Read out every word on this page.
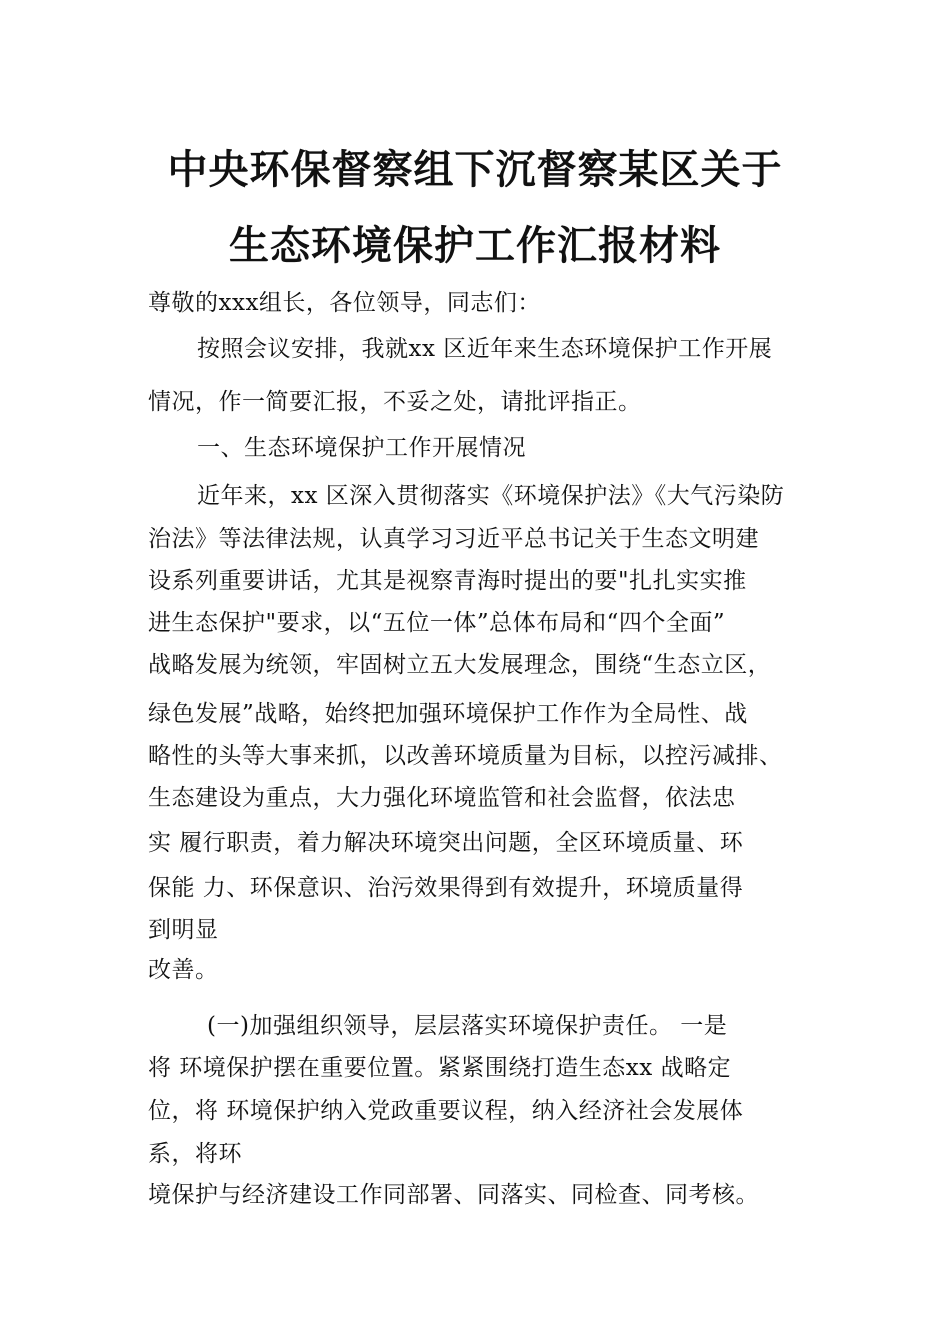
中央环保督察组下沉督察某区关于
生态环境保护工作汇报材料
尊敬的xxx组长，各位领导，同志们：
按照会议安排，我就xx 区近年来生态环境保护工作开展
情况，作一简要汇报，不妥之处，请批评指正。
一、生态环境保护工作开展情况
近年来，xx 区深入贯彻落实《环境保护法》《大气污染防
治法》等法律法规，认真学习习近平总书记关于生态文明建
设系列重要讲话，尤其是视察青海时提出的要"扎扎实实推
进生态保护"要求，以“五位一体”总体布局和“四个全面”
战略发展为统领，牢固树立五大发展理念，围绕“生态立区，
绿色发展”战略，始终把加强环境保护工作作为全局性、战
略性的头等大事来抓，以改善环境质量为目标，以控污减排、
生态建设为重点，大力强化环境监管和社会监督，依法忠
实 履行职责，着力解决环境突出问题，全区环境质量、环
保能 力、环保意识、治污效果得到有效提升，环境质量得
到明显
改善。
(一)加强组织领导，层层落实环境保护责任。 一是
将 环境保护摆在重要位置。紧紧围绕打造生态xx 战略定
位，将 环境保护纳入党政重要议程，纳入经济社会发展体
系，将环
境保护与经济建设工作同部署、同落实、同检查、同考核。
